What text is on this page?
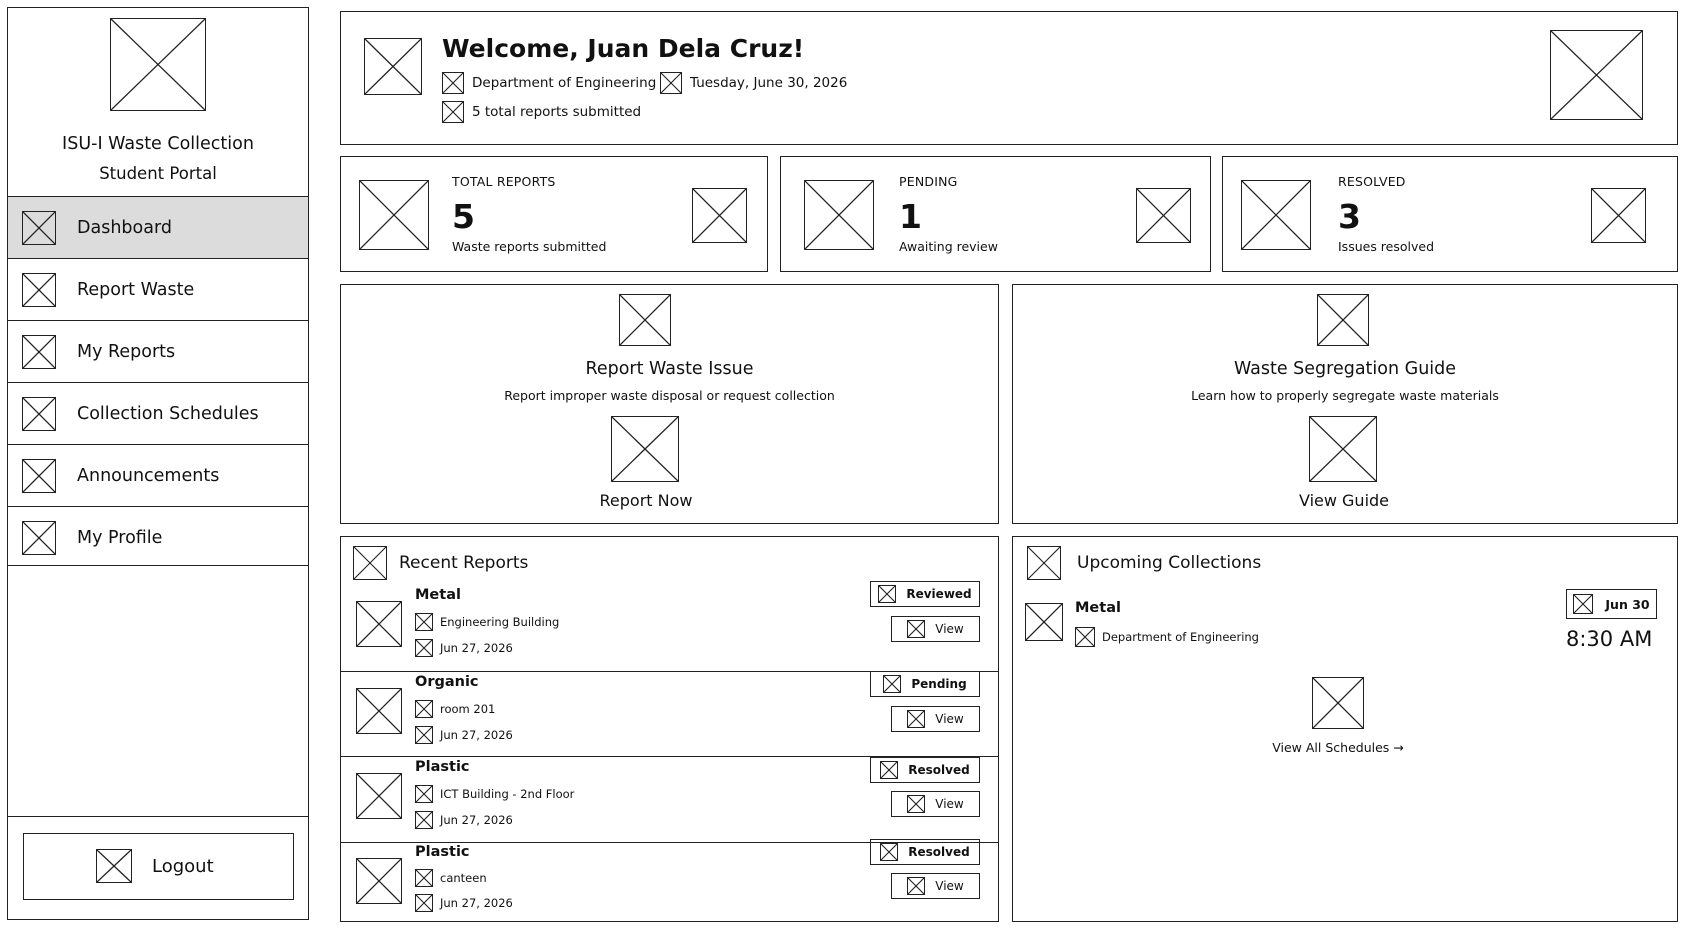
ISU-I Waste Collection
Student Portal
Dashboard
Report Waste
My Reports
Collection Schedules
Announcements
My Profile
Logout
Welcome, Juan Dela Cruz!
Department of Engineering Tuesday, June 30, 2026
5 total reports submitted
TOTAL REPORTS
5
Waste reports submitted
PENDING
1
Awaiting review
RESOLVED
3
Issues resolved
Report Waste Issue
Report improper waste disposal or request collection
Report Now
Waste Segregation Guide
Learn how to properly segregate waste materials
View Guide
Recent Reports
Metal
Engineering Building
Jun 27, 2026
Reviewed
View
Organic
room 201
Jun 27, 2026
Pending
View
Plastic
ICT Building - 2nd Floor
Jun 27, 2026
Resolved
View
Plastic
canteen
Jun 27, 2026
Resolved
View
Upcoming Collections
Metal
Department of Engineering
Jun 30
8:30 AM
View All Schedules →
